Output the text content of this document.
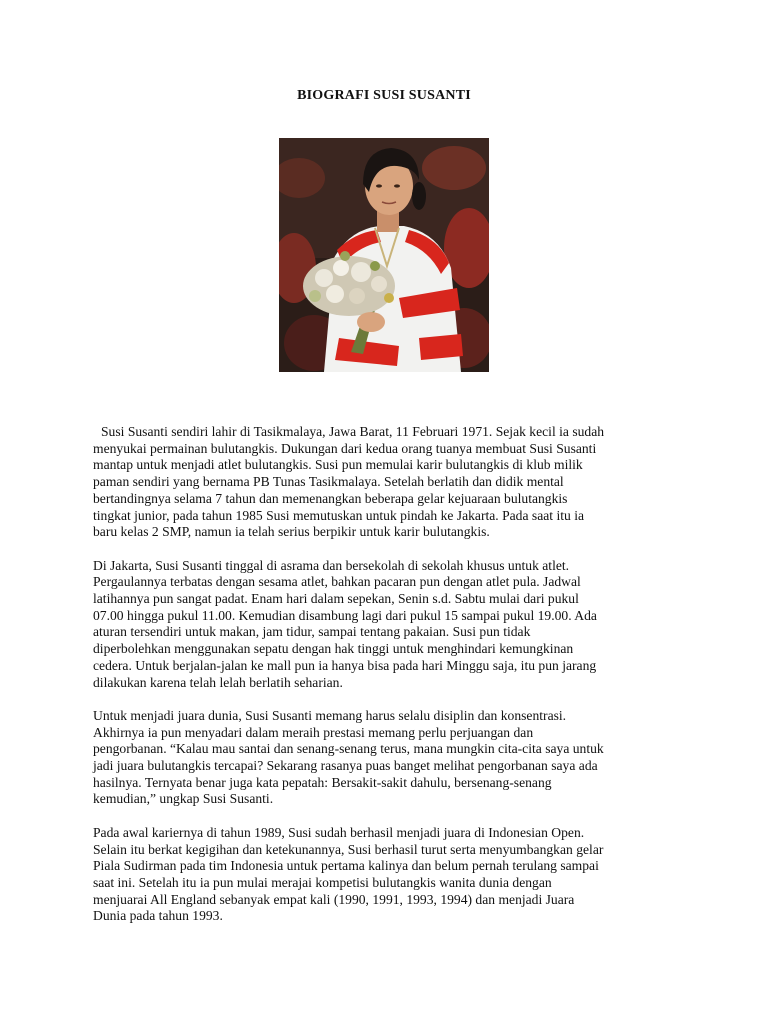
BIOGRAFI SUSI SUSANTI

Susi Susanti sendiri lahir di Tasikmalaya, Jawa Barat, 11 Februari 1971. Sejak kecil ia sudah
menyukai permainan bulutangkis. Dukungan dari kedua orang tuanya membuat Susi Susanti
mantap untuk menjadi atlet bulutangkis. Susi pun memulai karir bulutangkis di klub milik
paman sendiri yang bernama PB Tunas Tasikmalaya. Setelah berlatih dan didik mental
bertandingnya selama 7 tahun dan memenangkan beberapa gelar kejuaraan bulutangkis
tingkat junior, pada tahun 1985 Susi memutuskan untuk pindah ke Jakarta. Pada saat itu ia
baru kelas 2 SMP, namun ia telah serius berpikir untuk karir bulutangkis.

Di Jakarta, Susi Susanti tinggal di asrama dan bersekolah di sekolah khusus untuk atlet.
Pergaulannya terbatas dengan sesama atlet, bahkan pacaran pun dengan atlet pula. Jadwal
latihannya pun sangat padat. Enam hari dalam sepekan, Senin s.d. Sabtu mulai dari pukul
07.00 hingga pukul 11.00. Kemudian disambung lagi dari pukul 15 sampai pukul 19.00. Ada
aturan tersendiri untuk makan, jam tidur, sampai tentang pakaian. Susi pun tidak
diperbolehkan menggunakan sepatu dengan hak tinggi untuk menghindari kemungkinan
cedera. Untuk berjalan-jalan ke mall pun ia hanya bisa pada hari Minggu saja, itu pun jarang
dilakukan karena telah lelah berlatih seharian.

Untuk menjadi juara dunia, Susi Susanti memang harus selalu disiplin dan konsentrasi.
Akhirnya ia pun menyadari dalam meraih prestasi memang perlu perjuangan dan
pengorbanan. “Kalau mau santai dan senang-senang terus, mana mungkin cita-cita saya untuk
jadi juara bulutangkis tercapai? Sekarang rasanya puas banget melihat pengorbanan saya ada
hasilnya. Ternyata benar juga kata pepatah: Bersakit-sakit dahulu, bersenang-senang
kemudian,” ungkap Susi Susanti.

Pada awal kariernya di tahun 1989, Susi sudah berhasil menjadi juara di Indonesian Open.
Selain itu berkat kegigihan dan ketekunannya, Susi berhasil turut serta menyumbangkan gelar
Piala Sudirman pada tim Indonesia untuk pertama kalinya dan belum pernah terulang sampai
saat ini. Setelah itu ia pun mulai merajai kompetisi bulutangkis wanita dunia dengan
menjuarai All England sebanyak empat kali (1990, 1991, 1993, 1994) dan menjadi Juara
Dunia pada tahun 1993.
